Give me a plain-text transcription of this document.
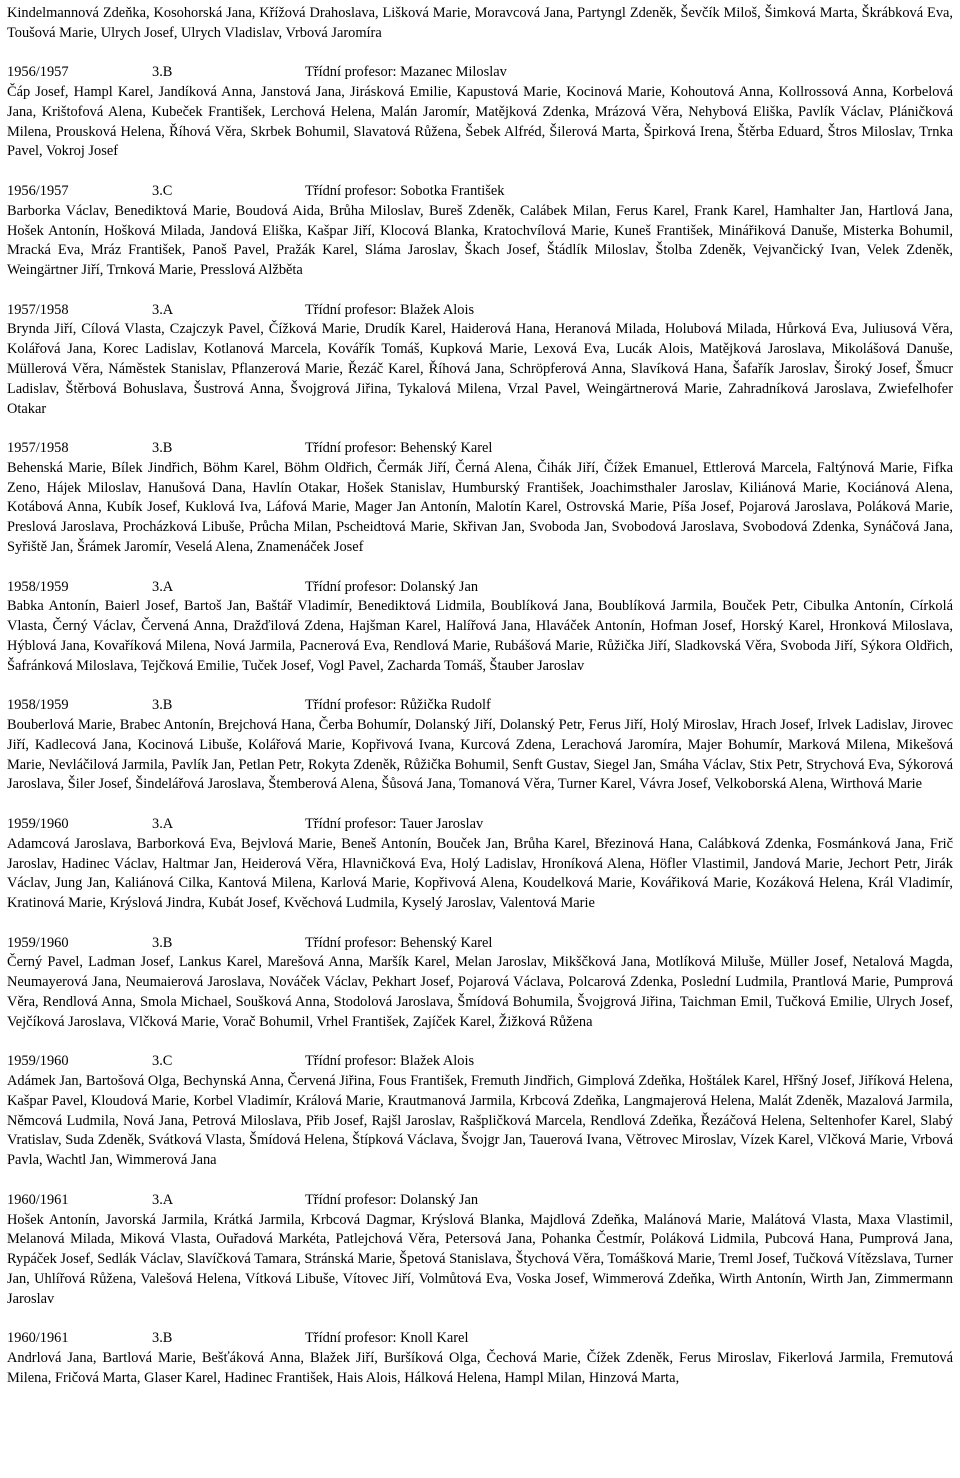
Kindelmannová Zdeňka, Kosohorská Jana, Křížová Drahoslava, Lišková Marie, Moravcová Jana, Partyngl Zdeněk, Ševčík Miloš, Šimková Marta, Škrábková Eva, Toušová Marie, Ulrych Josef, Ulrych Vladislav, Vrbová Jaromíra

1956/1957	3.B	Třídní profesor: Mazanec Miloslav

Čáp Josef, Hampl Karel, Jandíková Anna, Janstová Jana, Jirásková Emilie, Kapustová Marie, Kocinová Marie, Kohoutová Anna, Kollrossová Anna, Korbelová Jana, Krištofová Alena, Kubeček František, Lerchová Helena, Malán Jaromír, Matějková Zdenka, Mrázová Věra, Nehybová Eliška, Pavlík Václav, Pláničková Milena, Prousková Helena, Říhová Věra, Skrbek Bohumil, Slavatová Růžena, Šebek Alfréd, Šilerová Marta, Špirková Irena, Štěrba Eduard, Štros Miloslav, Trnka Pavel, Vokroj Josef

1956/1957	3.C	Třídní profesor: Sobotka František

Barborka Václav, Benediktová Marie, Boudová Aida, Brůha Miloslav, Bureš Zdeněk, Calábek Milan, Ferus Karel, Frank Karel, Hamhalter Jan, Hartlová Jana, Hošek Antonín, Hošková Milada, Jandová Eliška, Kašpar Jiří, Klocová Blanka, Kratochvílová Marie, Kuneš František, Minářiková Danuše, Misterka Bohumil, Mracká Eva, Mráz František, Panoš Pavel, Pražák Karel, Sláma Jaroslav, Škach Josef, Štádlík Miloslav, Štolba Zdeněk, Vejvančický Ivan, Velek Zdeněk, Weingärtner Jiří, Trnková Marie, Presslová Alžběta

1957/1958	3.A	Třídní profesor: Blažek Alois

Brynda Jiří, Cílová Vlasta, Czajczyk Pavel, Čížková Marie, Drudík Karel, Haiderová Hana, Heranová Milada, Holubová Milada, Hůrková Eva, Juliusová Věra, Kolářová Jana, Korec Ladislav, Kotlanová Marcela, Kovářík Tomáš, Kupková Marie, Lexová Eva, Lucák Alois, Matějková Jaroslava, Mikolášová Danuše, Müllerová Věra, Náměstek Stanislav, Pflanzerová Marie, Řezáč Karel, Říhová Jana, Schröpferová Anna, Slavíková Hana, Šafařík Jaroslav, Široký Josef, Šmucr Ladislav, Štěrbová Bohuslava, Šustrová Anna, Švojgrová Jiřina, Tykalová Milena, Vrzal Pavel, Weingärtnerová Marie, Zahradníková Jaroslava, Zwiefelhofer Otakar

1957/1958	3.B	Třídní profesor: Behenský Karel

Behenská Marie, Bílek Jindřich, Böhm Karel, Böhm Oldřich, Čermák Jiří, Černá Alena, Čihák Jiří, Čížek Emanuel, Ettlerová Marcela, Faltýnová Marie, Fifka Zeno, Hájek Miloslav, Hanušová Dana, Havlín Otakar, Hošek Stanislav, Humburský František, Joachimsthaler Jaroslav, Kiliánová Marie, Kociánová Alena, Kotábová Anna, Kubík Josef, Kuklová Iva, Láfová Marie, Mager Jan Antonín, Malotín Karel, Ostrovská Marie, Píša Josef, Pojarová Jaroslava, Poláková Marie, Preslová Jaroslava, Procházková Libuše, Průcha Milan, Pscheidtová Marie, Skřivan Jan, Svoboda Jan, Svobodová Jaroslava, Svobodová Zdenka, Synáčová Jana, Syřiště Jan, Šrámek Jaromír, Veselá Alena, Znamenáček Josef

1958/1959	3.A	Třídní profesor: Dolanský Jan

Babka Antonín, Baierl Josef, Bartoš Jan, Baštář Vladimír, Benediktová Lidmila, Boublíková Jana, Boublíková Jarmila, Bouček Petr, Cibulka Antonín, Církolá Vlasta, Černý Václav, Červená Anna, Dražďilová Zdena, Hajšman Karel, Halířová Jana, Hlaváček Antonín, Hofman Josef, Horský Karel, Hronková Miloslava, Hýblová Jana, Kovaříková Milena, Nová Jarmila, Pacnerová Eva, Rendlová Marie, Rubášová Marie, Růžička Jiří, Sladkovská Věra, Svoboda Jiří, Sýkora Oldřich, Šafránková Miloslava, Tejčková Emilie, Tuček Josef, Vogl Pavel, Zacharda Tomáš, Štauber Jaroslav

1958/1959	3.B	Třídní profesor: Růžička Rudolf

Bouberlová Marie, Brabec Antonín, Brejchová Hana, Čerba Bohumír, Dolanský Jiří, Dolanský Petr, Ferus Jiří, Holý Miroslav, Hrach Josef, Irlvek Ladislav, Jirovec Jiří, Kadlecová Jana, Kocinová Libuše, Kolářová Marie, Kopřivová Ivana, Kurcová Zdena, Lerachová Jaromíra, Majer Bohumír, Marková Milena, Mikešová Marie, Nevláčilová Jarmila, Pavlík Jan, Petlan Petr, Rokyta Zdeněk, Růžička Bohumil, Senft Gustav, Siegel Jan, Smáha Václav, Stix Petr, Strychová Eva, Sýkorová Jaroslava, Šiler Josef, Šindelářová Jaroslava, Štemberová Alena, Šůsová Jana, Tomanová Věra, Turner Karel, Vávra Josef, Velkoborská Alena, Wirthová Marie

1959/1960	3.A	Třídní profesor: Tauer Jaroslav

Adamcová Jaroslava, Barborková Eva, Bejvlová Marie, Beneš Antonín, Bouček Jan, Brůha Karel, Březinová Hana, Calábková Zdenka, Fosmánková Jana, Frič Jaroslav, Hadinec Václav, Haltmar Jan, Heiderová Věra, Hlavničková Eva, Holý Ladislav, Hroníková Alena, Höfler Vlastimil, Jandová Marie, Jechort Petr, Jirák Václav, Jung Jan, Kaliánová Cilka, Kantová Milena, Karlová Marie, Kopřivová Alena, Koudelková Marie, Kovářiková Marie, Kozáková Helena, Král Vladimír, Kratinová Marie, Krýslová Jindra, Kubát Josef, Kvěchová Ludmila, Kyselý Jaroslav, Valentová Marie

1959/1960	3.B	Třídní profesor: Behenský Karel

Černý Pavel, Ladman Josef, Lankus Karel, Marešová Anna, Maršík Karel, Melan Jaroslav, Mikščková Jana, Motlíková Miluše, Müller Josef, Netalová Magda, Neumayerová Jana, Neumaierová Jaroslava, Nováček Václav, Pekhart Josef, Pojarová Václava, Polcarová Zdenka, Poslední Ludmila, Prantlová Marie, Pumprová Věra, Rendlová Anna, Smola Michael, Soušková Anna, Stodolová Jaroslava, Šmídová Bohumila, Švojgrová Jiřina, Taichman Emil, Tučková Emilie, Ulrych Josef, Vejčíková Jaroslava, Vlčková Marie, Vorač Bohumil, Vrhel František, Zajíček Karel, Žižková Růžena

1959/1960	3.C	Třídní profesor: Blažek Alois

Adámek Jan, Bartošová Olga, Bechynská Anna, Červená Jiřina, Fous František, Fremuth Jindřich, Gimplová Zdeňka, Hoštálek Karel, Hřšný Josef, Jiříková Helena, Kašpar Pavel, Kloudová Marie, Korbel Vladimír, Králová Marie, Krautmanová Jarmila, Krbcová Zdeňka, Langmajerová Helena, Malát Zdeněk, Mazalová Jarmila, Němcová Ludmila, Nová Jana, Petrová Miloslava, Přib Josef, Rajšl Jaroslav, Rašpličková Marcela, Rendlová Zdeňka, Řezáčová Helena, Seltenhofer Karel, Slabý Vratislav, Suda Zdeněk, Svátková Vlasta, Šmídová Helena, Štípková Václava, Švojgr Jan, Tauerová Ivana, Větrovec Miroslav, Vízek Karel, Vlčková Marie, Vrbová Pavla, Wachtl Jan, Wimmerová Jana

1960/1961	3.A	Třídní profesor: Dolanský Jan

Hošek Antonín, Javorská Jarmila, Krátká Jarmila, Krbcová Dagmar, Krýslová Blanka, Majdlová Zdeňka, Malánová Marie, Malátová Vlasta, Maxa Vlastimil, Melanová Milada, Miková Vlasta, Ouřadová Markéta, Patlejchová Věra, Petersová Jana, Pohanka Čestmír, Poláková Lidmila, Pubcová Hana, Pumprová Jana, Rypáček Josef, Sedlák Václav, Slavíčková Tamara, Stránská Marie, Špetová Stanislava, Štychová Věra, Tomášková Marie, Treml Josef, Tučková Vítězslava, Turner Jan, Uhlířová Růžena, Valešová Helena, Vítková Libuše, Vítovec Jiří, Volmůtová Eva, Voska Josef, Wimmerová Zdeňka, Wirth Antonín, Wirth Jan, Zimmermann Jaroslav

1960/1961	3.B	Třídní profesor: Knoll Karel

Andrlová Jana, Bartlová Marie, Bešťáková Anna, Blažek Jiří, Buršíková Olga, Čechová Marie, Čížek Zdeněk, Ferus Miroslav, Fikerlová Jarmila, Fremutová Milena, Fričová Marta, Glaser Karel, Hadinec František, Hais Alois, Hálková Helena, Hampl Milan, Hinzová Marta,
